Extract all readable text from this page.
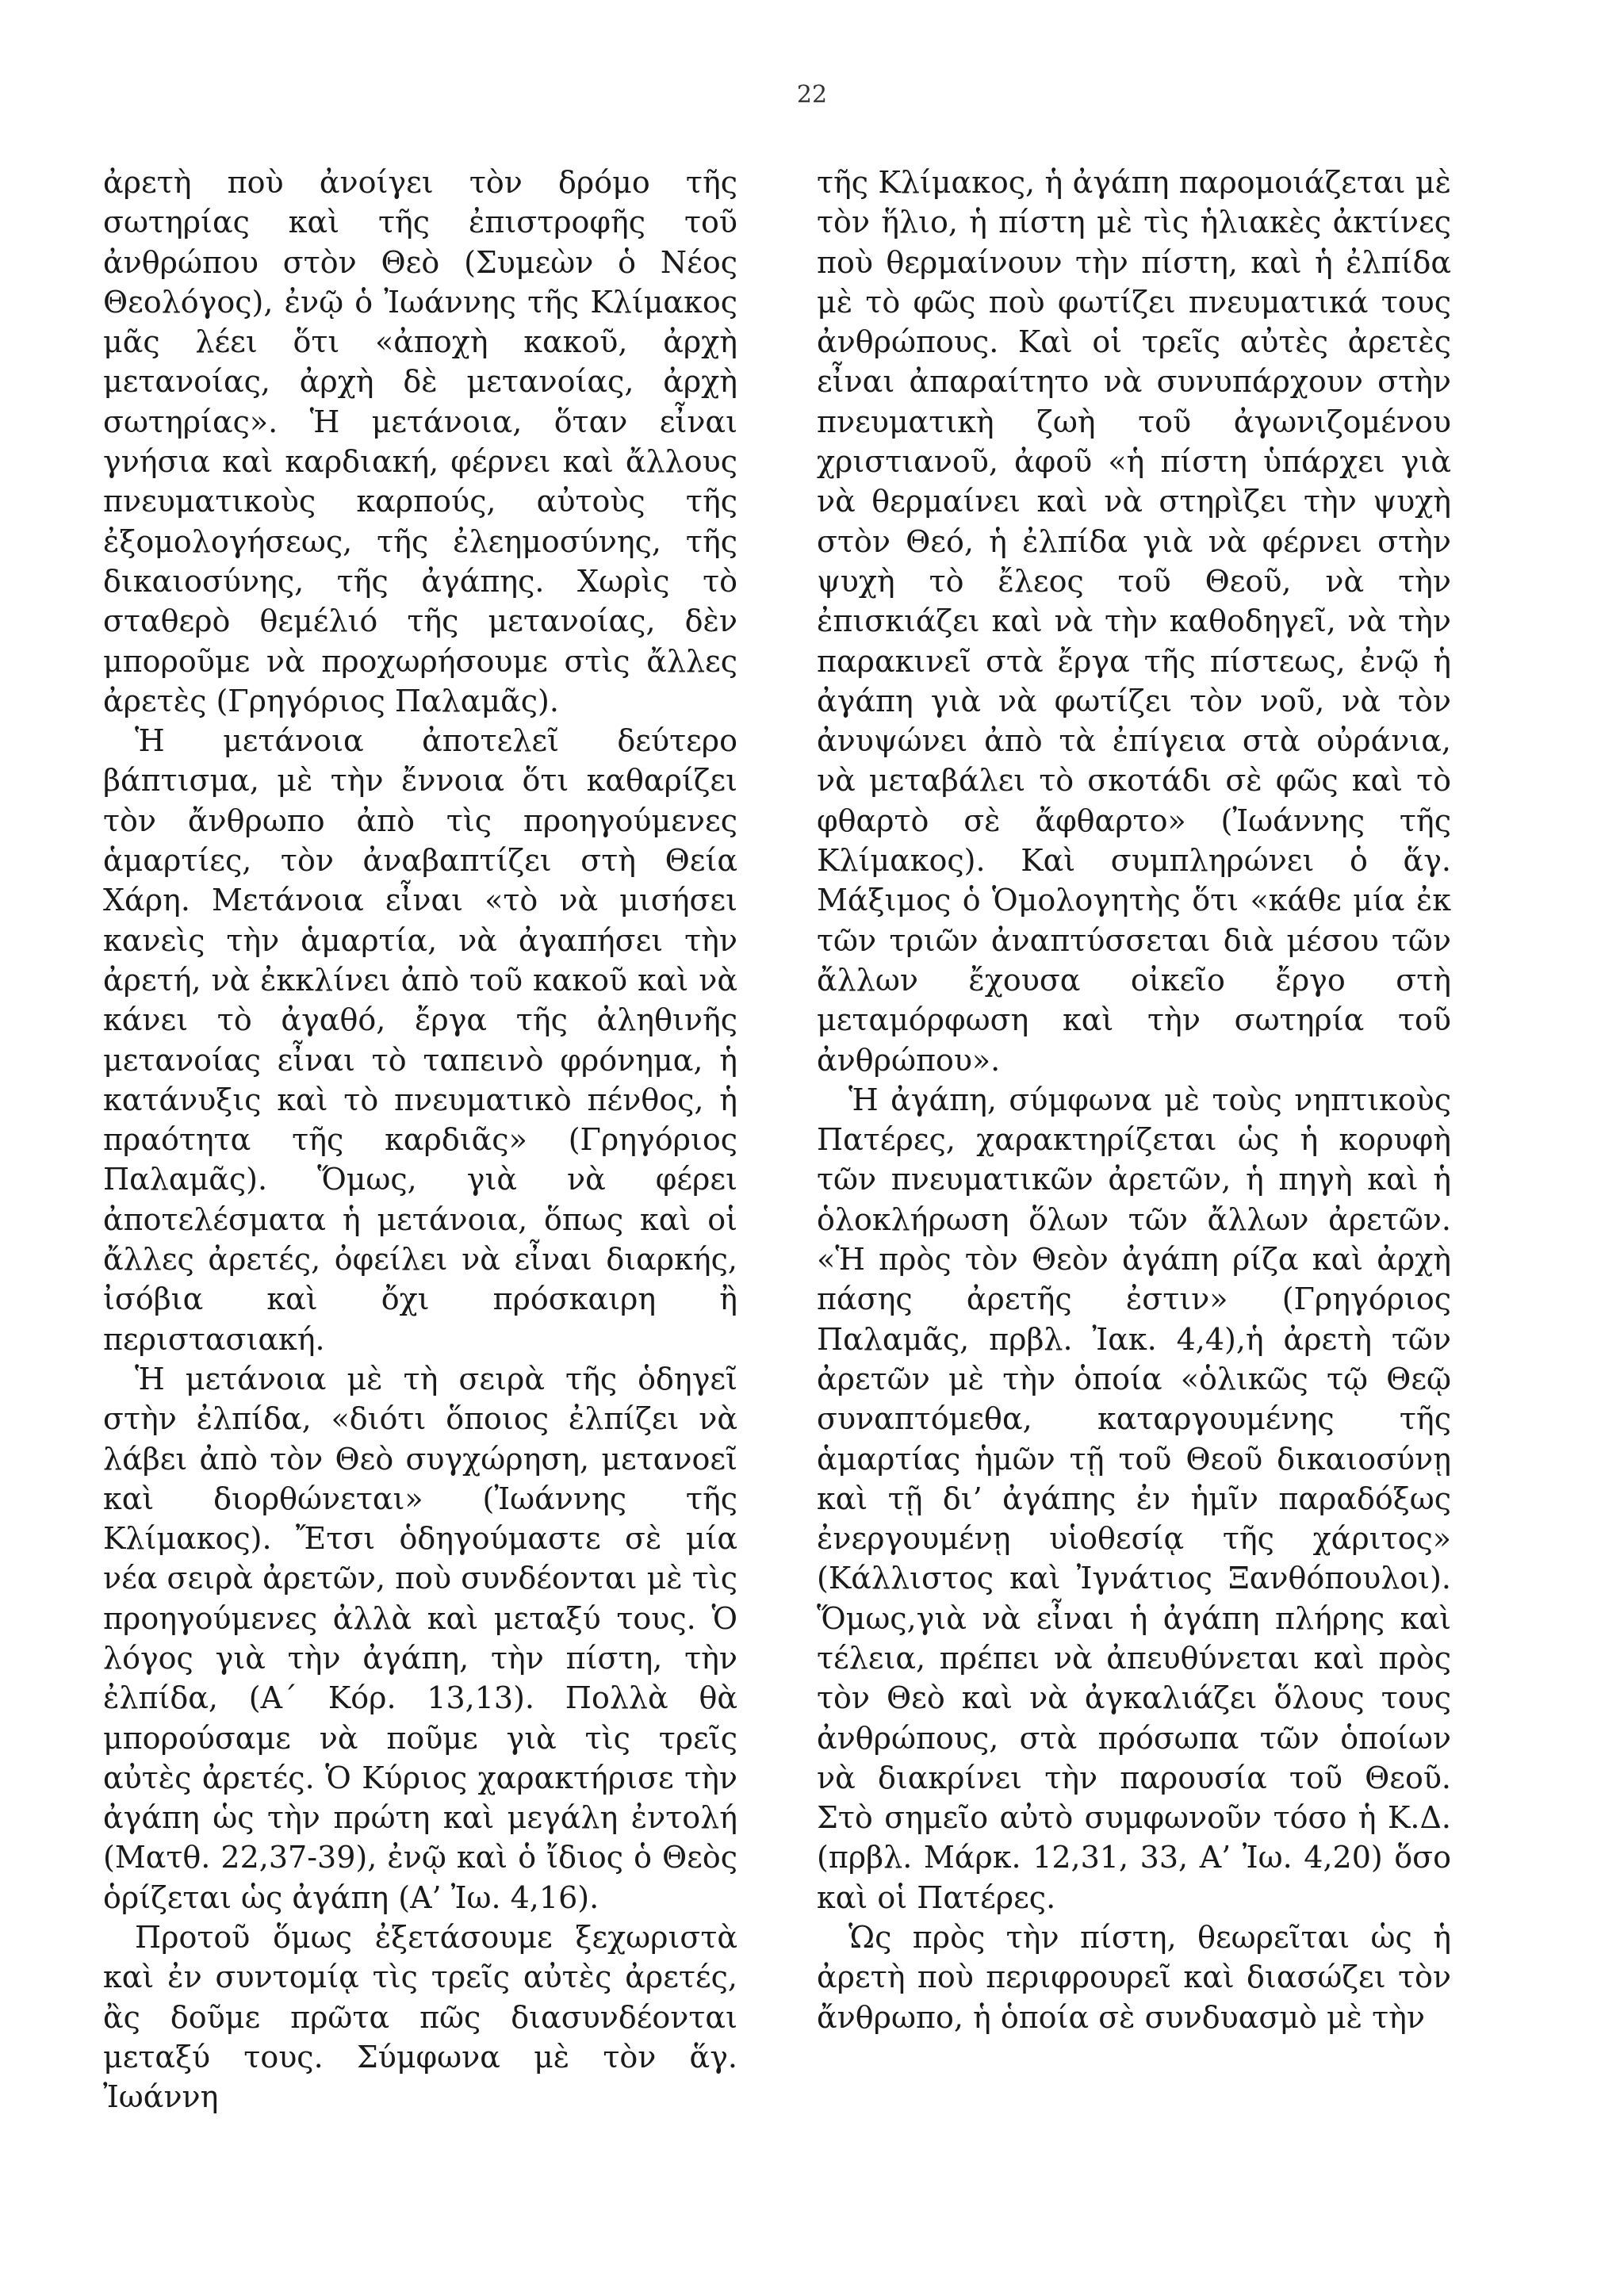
22

ἀρετὴ ποὺ ἀνοίγει τὸν δρόμο τῆς σωτηρίας καὶ τῆς ἐπιστροφῆς τοῦ ἀνθρώπου στὸν Θεὸ (Συμεὼν ὁ Νέος Θεολόγος), ἐνῷ ὁ Ἰωάννης τῆς Κλίμακος μᾶς λέει ὅτι «ἀποχὴ κακοῦ, ἀρχὴ μετανοίας, ἀρχὴ δὲ μετανοίας, ἀρχὴ σωτηρίας». Ἡ μετάνοια, ὅταν εἶναι γνήσια καὶ καρδιακή, φέρνει καὶ ἄλλους πνευματικοὺς καρπούς, αὐτοὺς τῆς ἐξομολογήσεως, τῆς ἐλεημοσύνης, τῆς δικαιοσύνης, τῆς ἀγάπης. Χωρὶς τὸ σταθερὸ θεμέλιό τῆς μετανοίας, δὲν μποροῦμε νὰ προχωρήσουμε στὶς ἄλλες ἀρετὲς (Γρηγόριος Παλαμᾶς).

Ἡ μετάνοια ἀποτελεῖ δεύτερο βάπτισμα, μὲ τὴν ἔννοια ὅτι καθαρίζει τὸν ἄνθρωπο ἀπὸ τὶς προηγούμενες ἁμαρτίες, τὸν ἀναβαπτίζει στὴ Θεία Χάρη. Μετάνοια εἶναι «τὸ νὰ μισήσει κανεὶς τὴν ἁμαρτία, νὰ ἀγαπήσει τὴν ἀρετή, νὰ ἐκκλίνει ἀπὸ τοῦ κακοῦ καὶ νὰ κάνει τὸ ἀγαθό, ἔργα τῆς ἀληθινῆς μετανοίας εἶναι τὸ ταπεινὸ φρόνημα, ἡ κατάνυξις καὶ τὸ πνευματικὸ πένθος, ἡ πραότητα τῆς καρδιᾶς» (Γρηγόριος Παλαμᾶς). Ὅμως, γιὰ νὰ φέρει ἀποτελέσματα ἡ μετάνοια, ὅπως καὶ οἱ ἄλλες ἀρετές, ὀφείλει νὰ εἶναι διαρκής, ἰσόβια καὶ ὄχι πρόσκαιρη ἢ περιστασιακή.

Ἡ μετάνοια μὲ τὴ σειρὰ τῆς ὁδηγεῖ στὴν ἐλπίδα, «διότι ὅποιος ἐλπίζει νὰ λάβει ἀπὸ τὸν Θεὸ συγχώρηση, μετανοεῖ καὶ διορθώνεται» (Ἰωάννης τῆς Κλίμακος). Ἔτσι ὁδηγούμαστε σὲ μία νέα σειρὰ ἀρετῶν, ποὺ συνδέονται μὲ τὶς προηγούμενες ἀλλὰ καὶ μεταξύ τους. Ὁ λόγος γιὰ τὴν ἀγάπη, τὴν πίστη, τὴν ἐλπίδα, (Α΄ Κόρ. 13,13). Πολλὰ θὰ μπορούσαμε νὰ ποῦμε γιὰ τὶς τρεῖς αὐτὲς ἀρετές. Ὁ Κύριος χαρακτήρισε τὴν ἀγάπη ὡς τὴν πρώτη καὶ μεγάλη ἐντολή (Ματθ. 22,37-39), ἐνῷ καὶ ὁ ἴδιος ὁ Θεὸς ὁρίζεται ὡς ἀγάπη (Α’ Ἰω. 4,16).

Προτοῦ ὅμως ἐξετάσουμε ξεχωριστὰ καὶ ἐν συντομίᾳ τὶς τρεῖς αὐτὲς ἀρετές, ἂς δοῦμε πρῶτα πῶς διασυνδέονται μεταξύ τους. Σύμφωνα μὲ τὸν ἅγ. Ἰωάννη

τῆς Κλίμακος, ἡ ἀγάπη παρομοιάζεται μὲ τὸν ἥλιο, ἡ πίστη μὲ τὶς ἡλιακὲς ἀκτίνες ποὺ θερμαίνουν τὴν πίστη, καὶ ἡ ἐλπίδα μὲ τὸ φῶς ποὺ φωτίζει πνευματικά τους ἀνθρώπους. Καὶ οἱ τρεῖς αὐτὲς ἀρετὲς εἶναι ἀπαραίτητο νὰ συνυπάρχουν στὴν πνευματικὴ ζωὴ τοῦ ἀγωνιζομένου χριστιανοῦ, ἀφοῦ «ἡ πίστη ὑπάρχει γιὰ νὰ θερμαίνει καὶ νὰ στηρὶζει τὴν ψυχὴ στὸν Θεό, ἡ ἐλπίδα γιὰ νὰ φέρνει στὴν ψυχὴ τὸ ἔλεος τοῦ Θεοῦ, νὰ τὴν ἐπισκιάζει καὶ νὰ τὴν καθοδηγεῖ, νὰ τὴν παρακινεῖ στὰ ἔργα τῆς πίστεως, ἐνῷ ἡ ἀγάπη γιὰ νὰ φωτίζει τὸν νοῦ, νὰ τὸν ἀνυψώνει ἀπὸ τὰ ἐπίγεια στὰ οὐράνια, νὰ μεταβάλει τὸ σκοτάδι σὲ φῶς καὶ τὸ φθαρτὸ σὲ ἄφθαρτο» (Ἰωάννης τῆς Κλίμακος). Καὶ συμπληρώνει ὁ ἅγ. Μάξιμος ὁ Ὁμολογητὴς ὅτι «κάθε μία ἐκ τῶν τριῶν ἀναπτύσσεται διὰ μέσου τῶν ἄλλων ἔχουσα οἰκεῖο ἔργο στὴ μεταμόρφωση καὶ τὴν σωτηρία τοῦ ἀνθρώπου».

Ἡ ἀγάπη, σύμφωνα μὲ τοὺς νηπτικοὺς Πατέρες, χαρακτηρίζεται ὡς ἡ κορυφὴ τῶν πνευματικῶν ἀρετῶν, ἡ πηγὴ καὶ ἡ ὁλοκλήρωση ὅλων τῶν ἄλλων ἀρετῶν. «Ἡ πρὸς τὸν Θεὸν ἀγάπη ρίζα καὶ ἀρχὴ πάσης ἀρετῆς ἐστιν» (Γρηγόριος Παλαμᾶς, πρβλ. Ἰακ. 4,4),ἡ ἀρετὴ τῶν ἀρετῶν μὲ τὴν ὁποία «ὁλικῶς τῷ Θεῷ συναπτόμεθα, καταργουμένης τῆς ἁμαρτίας ἡμῶν τῇ τοῦ Θεοῦ δικαιοσύνῃ καὶ τῇ δι’ ἀγάπης ἐν ἡμῖν παραδόξως ἐνεργουμένῃ υἱοθεσίᾳ τῆς χάριτος» (Κάλλιστος καὶ Ἰγνάτιος Ξανθόπουλοι). Ὅμως,γιὰ νὰ εἶναι ἡ ἀγάπη πλήρης καὶ τέλεια, πρέπει νὰ ἀπευθύνεται καὶ πρὸς τὸν Θεὸ καὶ νὰ ἀγκαλιάζει ὅλους τους ἀνθρώπους, στὰ πρόσωπα τῶν ὁποίων νὰ διακρίνει τὴν παρουσία τοῦ Θεοῦ. Στὸ σημεῖο αὐτὸ συμφωνοῦν τόσο ἡ Κ.Δ. (πρβλ. Μάρκ. 12,31, 33, Α’ Ἰω. 4,20) ὅσο καὶ οἱ Πατέρες.

Ὡς πρὸς τὴν πίστη, θεωρεῖται ὡς ἡ ἀρετὴ ποὺ περιφρουρεῖ καὶ διασώζει τὸν ἄνθρωπο, ἡ ὁποία σὲ συνδυασμὸ μὲ τὴν
